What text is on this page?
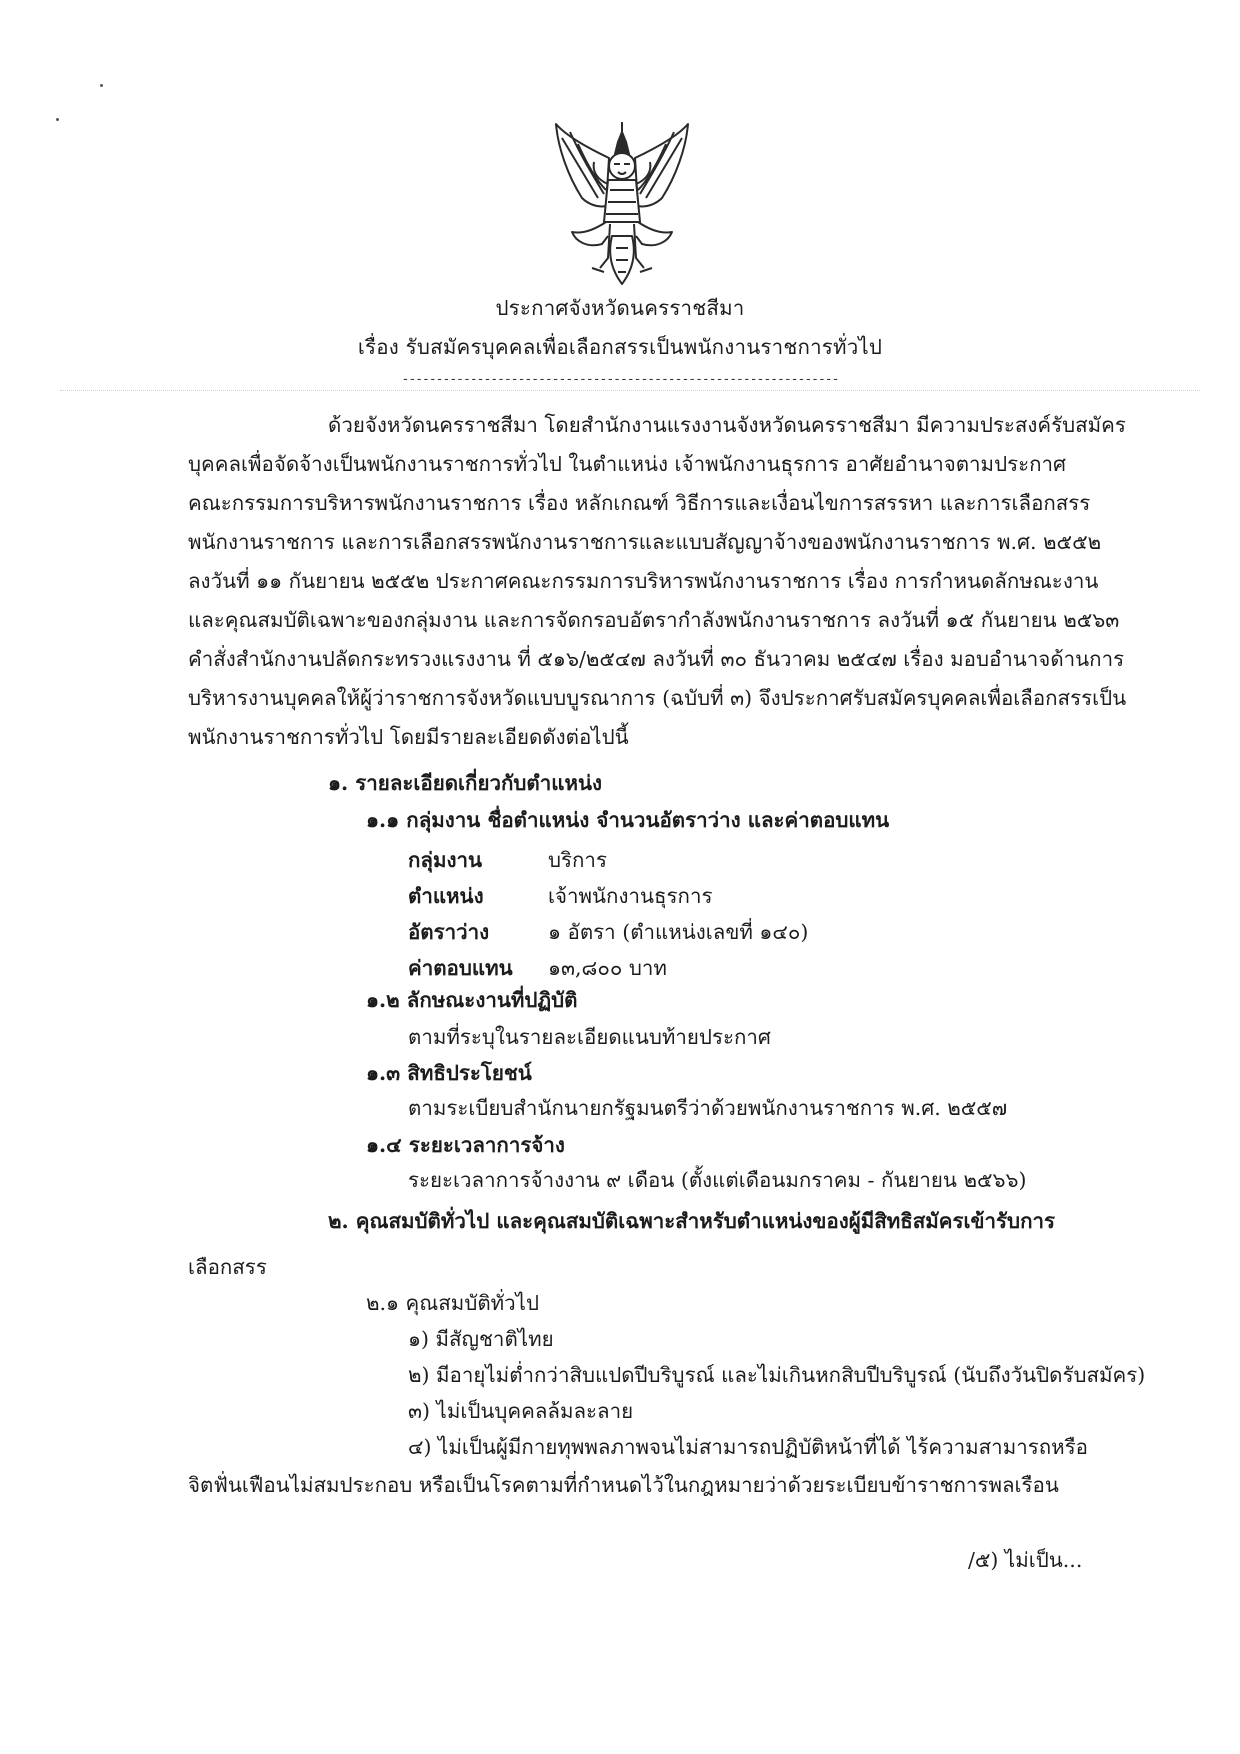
ประกาศจังหวัดนครราชสีมา
เรื่อง รับสมัครบุคคลเพื่อเลือกสรรเป็นพนักงานราชการทั่วไป
----------------------------------------------------------------
ด้วยจังหวัดนครราชสีมา โดยสำนักงานแรงงานจังหวัดนครราชสีมา มีความประสงค์รับสมัคร
บุคคลเพื่อจัดจ้างเป็นพนักงานราชการทั่วไป ในตำแหน่ง เจ้าพนักงานธุรการ อาศัยอำนาจตามประกาศ
คณะกรรมการบริหารพนักงานราชการ เรื่อง หลักเกณฑ์ วิธีการและเงื่อนไขการสรรหา และการเลือกสรร
พนักงานราชการ และการเลือกสรรพนักงานราชการและแบบสัญญาจ้างของพนักงานราชการ พ.ศ. ๒๕๕๒
ลงวันที่ ๑๑ กันยายน ๒๕๕๒ ประกาศคณะกรรมการบริหารพนักงานราชการ เรื่อง การกำหนดลักษณะงาน
และคุณสมบัติเฉพาะของกลุ่มงาน และการจัดกรอบอัตรากำลังพนักงานราชการ ลงวันที่ ๑๕ กันยายน ๒๕๖๓
คำสั่งสำนักงานปลัดกระทรวงแรงงาน ที่ ๕๑๖/๒๕๔๗ ลงวันที่ ๓๐ ธันวาคม ๒๕๔๗ เรื่อง มอบอำนาจด้านการ
บริหารงานบุคคลให้ผู้ว่าราชการจังหวัดแบบบูรณาการ (ฉบับที่ ๓) จึงประกาศรับสมัครบุคคลเพื่อเลือกสรรเป็น
พนักงานราชการทั่วไป โดยมีรายละเอียดดังต่อไปนี้
๑. รายละเอียดเกี่ยวกับตำแหน่ง
๑.๑ กลุ่มงาน ชื่อตำแหน่ง จำนวนอัตราว่าง และค่าตอบแทน
กลุ่มงาน	บริการ
ตำแหน่ง	เจ้าพนักงานธุรการ
อัตราว่าง	๑ อัตรา (ตำแหน่งเลขที่ ๑๔๐)
ค่าตอบแทน ๑๓,๘๐๐ บาท
๑.๒ ลักษณะงานที่ปฏิบัติ
ตามที่ระบุในรายละเอียดแนบท้ายประกาศ
๑.๓ สิทธิประโยชน์
ตามระเบียบสำนักนายกรัฐมนตรีว่าด้วยพนักงานราชการ พ.ศ. ๒๕๕๗
๑.๔ ระยะเวลาการจ้าง
ระยะเวลาการจ้างงาน ๙ เดือน (ตั้งแต่เดือนมกราคม - กันยายน ๒๕๖๖)
๒. คุณสมบัติทั่วไป และคุณสมบัติเฉพาะสำหรับตำแหน่งของผู้มีสิทธิสมัครเข้ารับการ
เลือกสรร
๒.๑ คุณสมบัติทั่วไป
๑) มีสัญชาติไทย
๒) มีอายุไม่ต่ำกว่าสิบแปดปีบริบูรณ์ และไม่เกินหกสิบปีบริบูรณ์ (นับถึงวันปิดรับสมัคร)
๓) ไม่เป็นบุคคลล้มละลาย
๔) ไม่เป็นผู้มีกายทุพพลภาพจนไม่สามารถปฏิบัติหน้าที่ได้ ไร้ความสามารถหรือ
จิตฟั่นเฟือนไม่สมประกอบ หรือเป็นโรคตามที่กำหนดไว้ในกฎหมายว่าด้วยระเบียบข้าราชการพลเรือน
/๕) ไม่เป็น...
